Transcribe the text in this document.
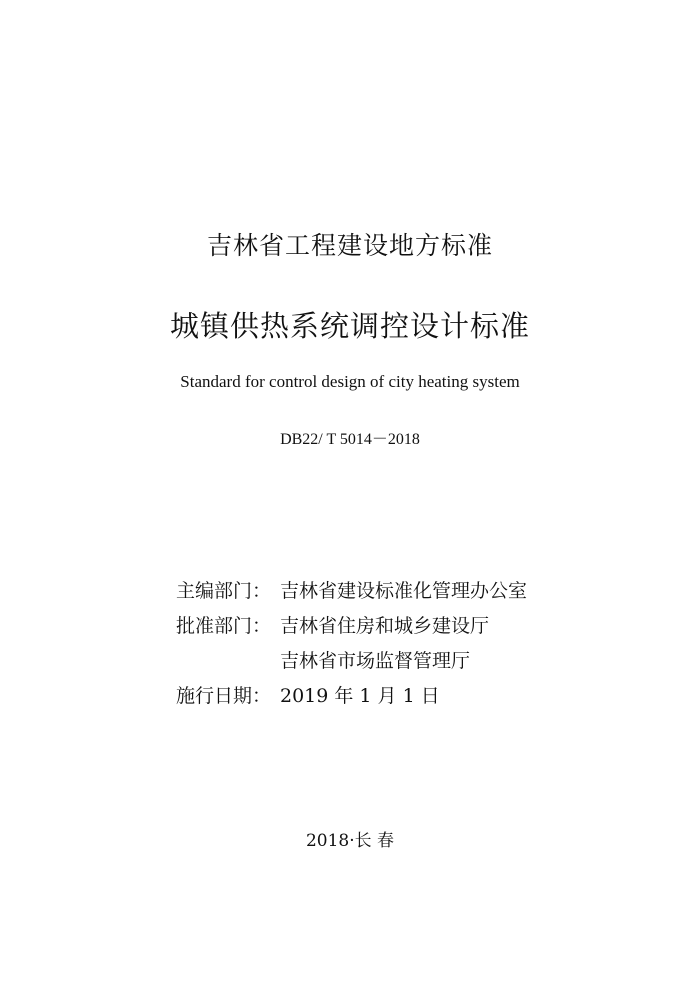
吉林省工程建设地方标准
城镇供热系统调控设计标准
Standard for control design of city heating system
DB22/ T 5014－2018
主编部门： 吉林省建设标准化管理办公室
批准部门： 吉林省住房和城乡建设厅
吉林省市场监督管理厅
施行日期： 2019 年 1 月 1 日
2018·长 春
